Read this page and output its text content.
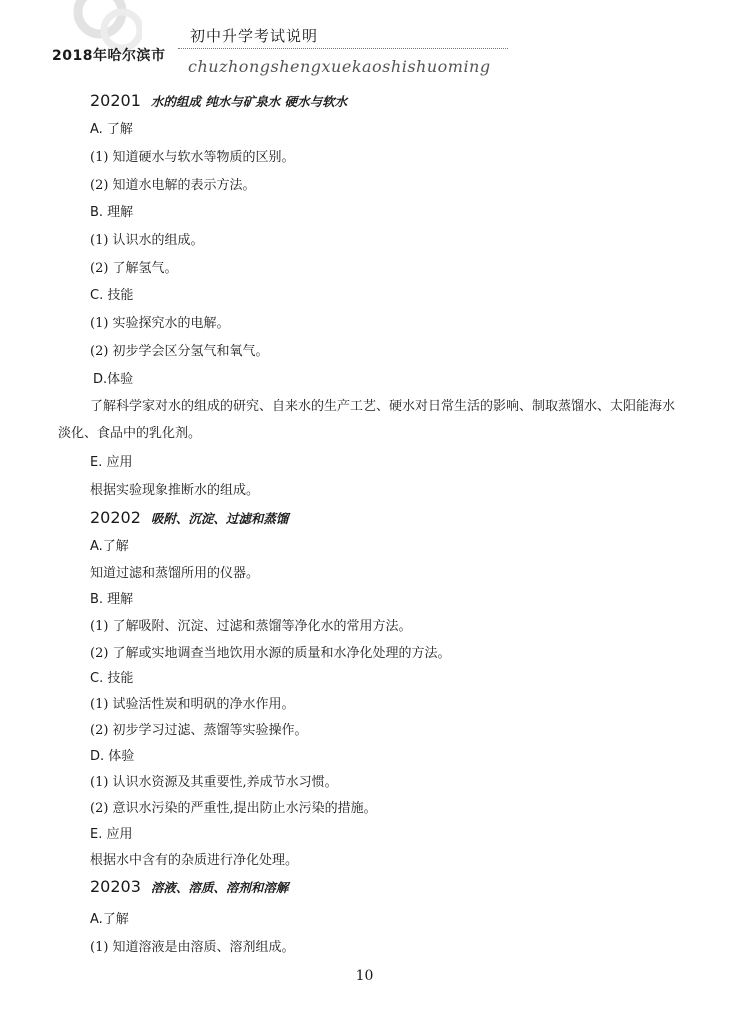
2018年哈尔滨市
初中升学考试说明
chuzhongshengxuekaoshishuoming
20201 水的组成 纯水与矿泉水 硬水与软水
A. 了解
(1) 知道硬水与软水等物质的区别。
(2) 知道水电解的表示方法。
B. 理解
(1) 认识水的组成。
(2) 了解氢气。
C. 技能
(1) 实验探究水的电解。
(2) 初步学会区分氢气和氧气。
D.体验
了解科学家对水的组成的研究、自来水的生产工艺、硬水对日常生活的影响、制取蒸馏水、太阳能海水淡化、食品中的乳化剂。
E. 应用
根据实验现象推断水的组成。
20202 吸附、沉淀、过滤和蒸馏
A.了解
知道过滤和蒸馏所用的仪器。
B. 理解
(1) 了解吸附、沉淀、过滤和蒸馏等净化水的常用方法。
(2) 了解或实地调查当地饮用水源的质量和水净化处理的方法。
C. 技能
(1) 试验活性炭和明矾的净水作用。
(2) 初步学习过滤、蒸馏等实验操作。
D. 体验
(1) 认识水资源及其重要性,养成节水习惯。
(2) 意识水污染的严重性,提出防止水污染的措施。
E. 应用
根据水中含有的杂质进行净化处理。
20203 溶液、溶质、溶剂和溶解
A.了解
(1) 知道溶液是由溶质、溶剂组成。
10
